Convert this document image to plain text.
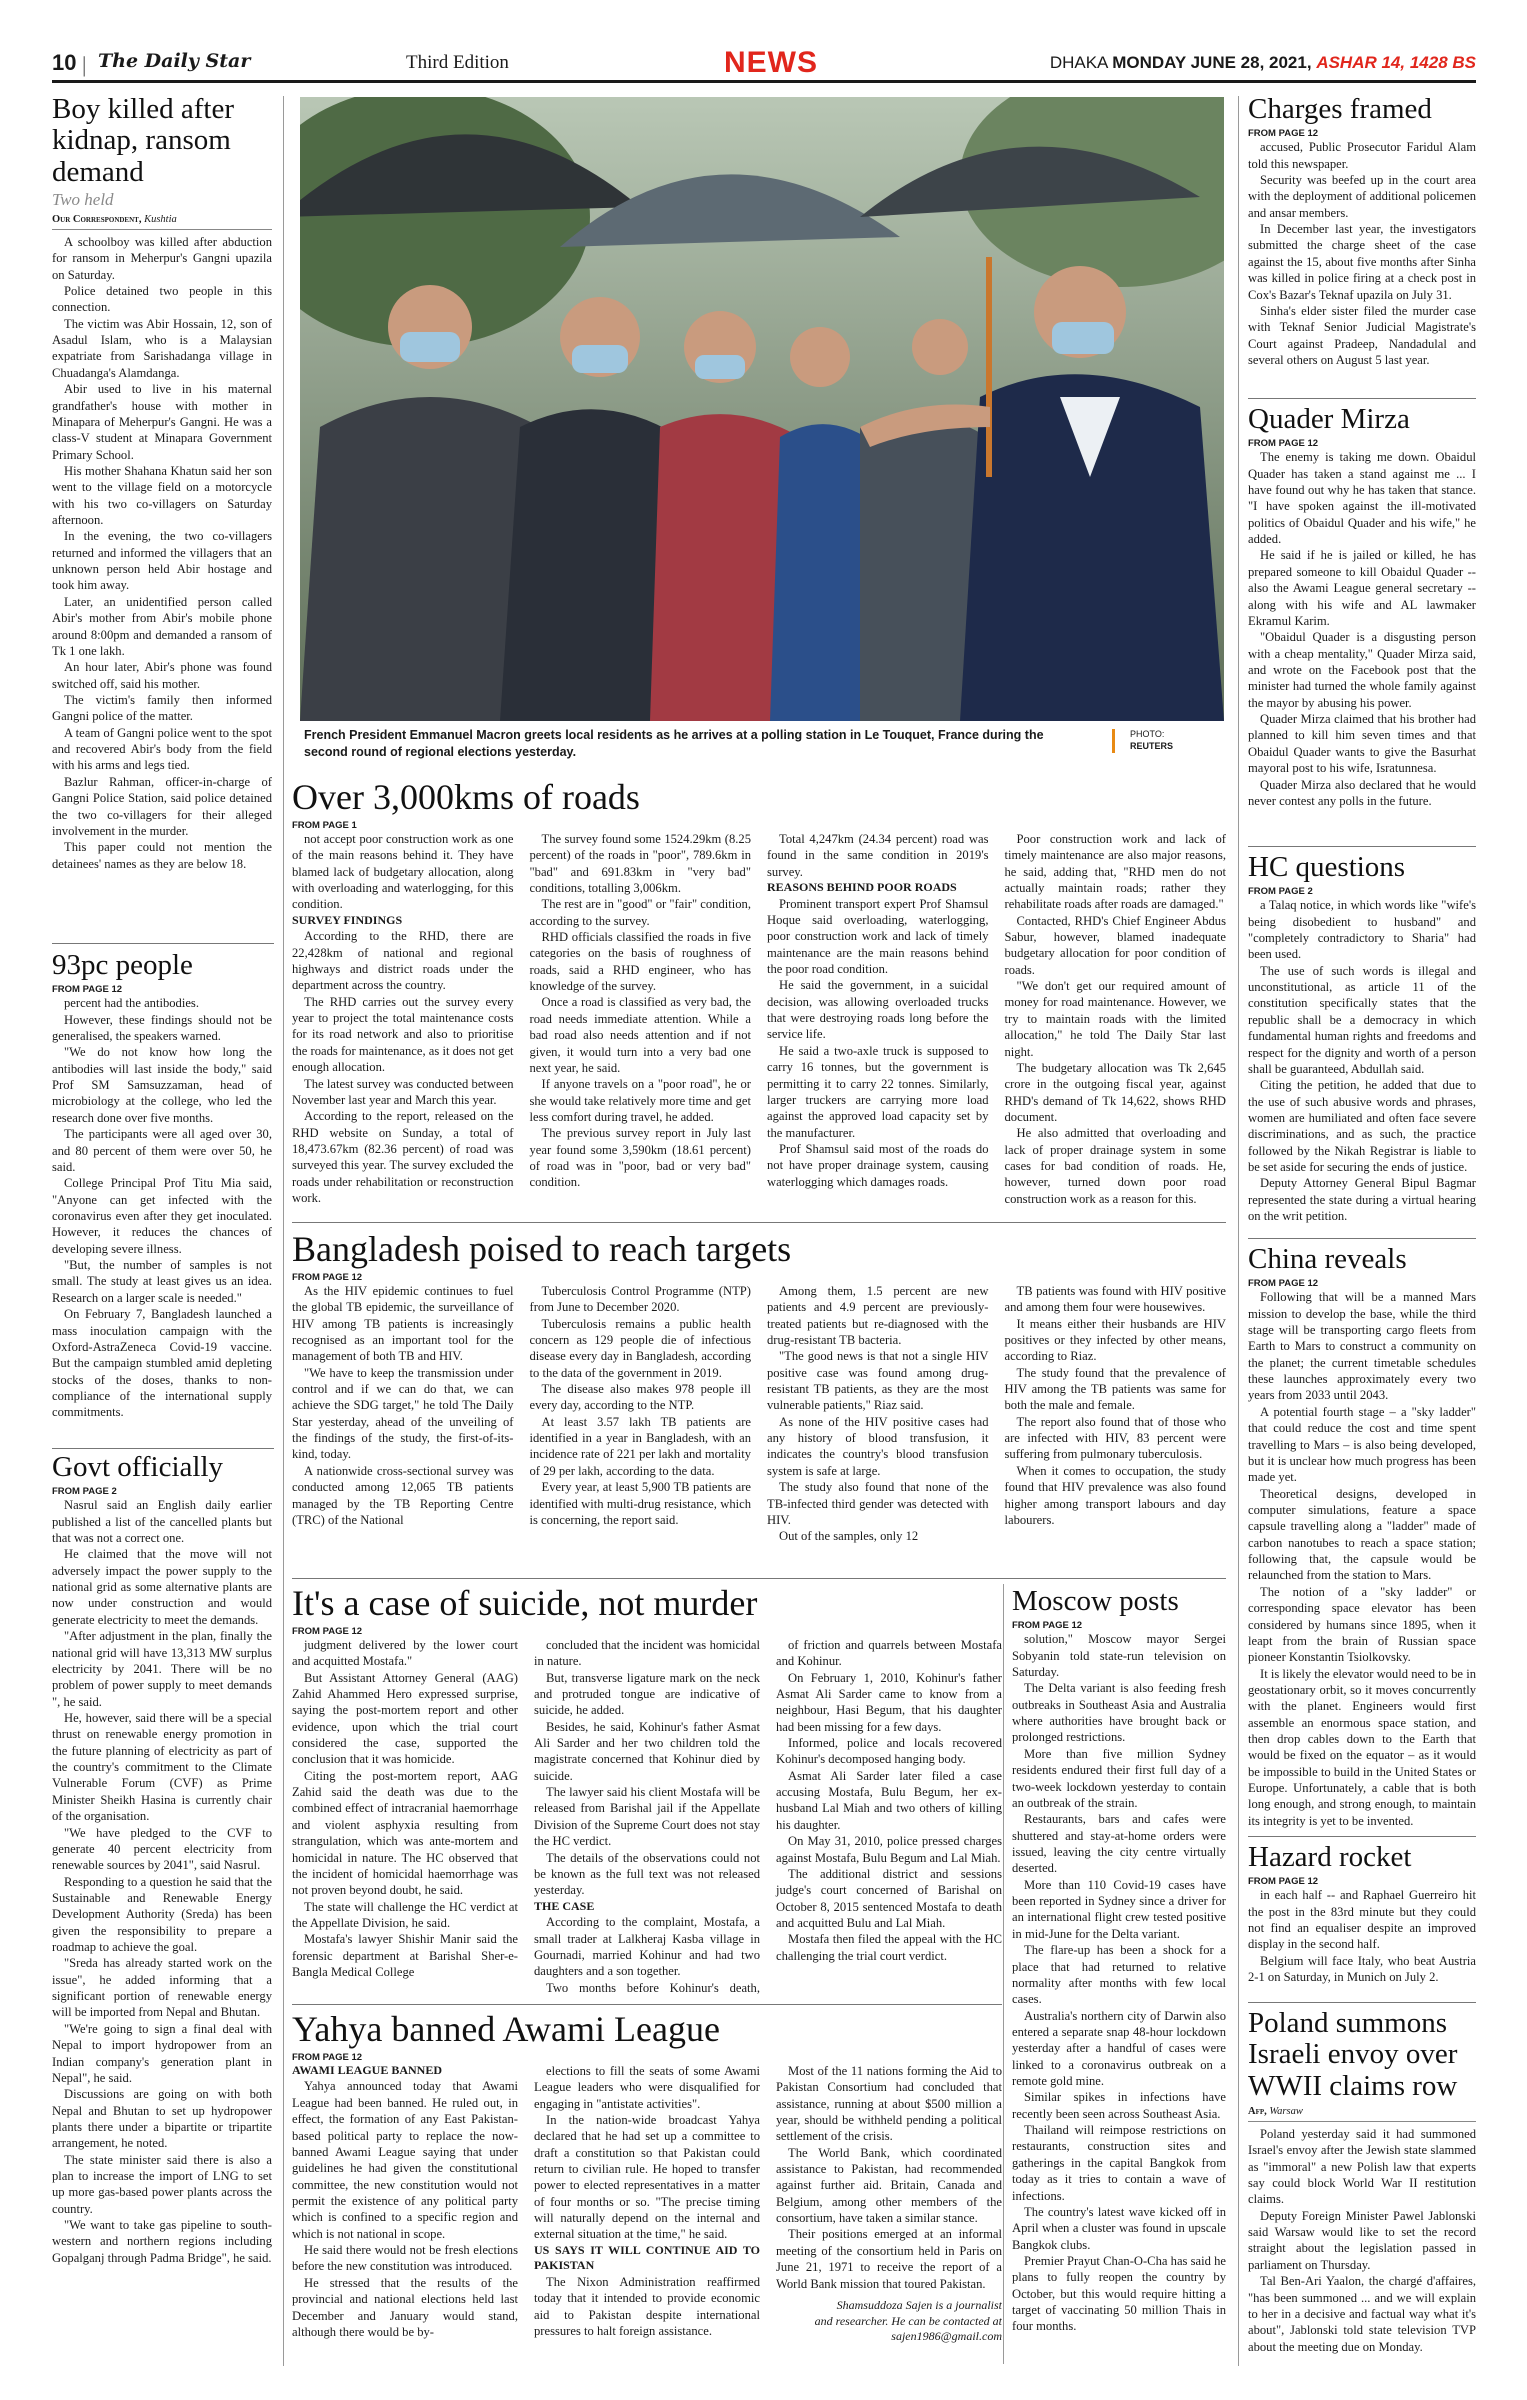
10 | The Daily Star	Third Edition	NEWS	DHAKA MONDAY JUNE 28, 2021, ASHAR 14, 1428 BS
Boy killed after kidnap, ransom demand
Two held
Our Correspondent, Kushtia

A schoolboy was killed after abduction for ransom in Meherpur's Gangni upazila on Saturday.

Police detained two people in this connection.

The victim was Abir Hossain, 12, son of Asadul Islam, who is a Malaysian expatriate from Sarishadanga village in Chuadanga's Alamdanga.

Abir used to live in his maternal grandfather's house with mother in Minapara of Meherpur's Gangni. He was a class-V student at Minapara Government Primary School.

His mother Shahana Khatun said her son went to the village field on a motorcycle with his two co-villagers on Saturday afternoon.

In the evening, the two co-villagers returned and informed the villagers that an unknown person held Abir hostage and took him away.

Later, an unidentified person called Abir's mother from Abir's mobile phone around 8:00pm and demanded a ransom of Tk 1 one lakh.

An hour later, Abir's phone was found switched off, said his mother.

The victim's family then informed Gangni police of the matter.

A team of Gangni police went to the spot and recovered Abir's body from the field with his arms and legs tied.

Bazlur Rahman, officer-in-charge of Gangni Police Station, said police detained the two co-villagers for their alleged involvement in the murder.

This paper could not mention the detainees' names as they are below 18.

93pc people
FROM PAGE 12

percent had the antibodies.

However, these findings should not be generalised, the speakers warned.

"We do not know how long the antibodies will last inside the body," said Prof SM Samsuzzaman, head of microbiology at the college, who led the research done over five months.

The participants were all aged over 30, and 80 percent of them were over 50, he said.

College Principal Prof Titu Mia said, "Anyone can get infected with the coronavirus even after they get inoculated. However, it reduces the chances of developing severe illness.

"But, the number of samples is not small. The study at least gives us an idea. Research on a larger scale is needed."

On February 7, Bangladesh launched a mass inoculation campaign with the Oxford-AstraZeneca Covid-19 vaccine. But the campaign stumbled amid depleting stocks of the doses, thanks to non-compliance of the international supply commitments.

Govt officially
FROM PAGE 2

Nasrul said an English daily earlier published a list of the cancelled plants but that was not a correct one.

He claimed that the move will not adversely impact the power supply to the national grid as some alternative plants are now under construction and would generate electricity to meet the demands.

"After adjustment in the plan, finally the national grid will have 13,313 MW surplus electricity by 2041. There will be no problem of power supply to meet demands ", he said.

He, however, said there will be a special thrust on renewable energy promotion in the future planning of electricity as part of the country's commitment to the Climate Vulnerable Forum (CVF) as Prime Minister Sheikh Hasina is currently chair of the organisation.

"We have pledged to the CVF to generate 40 percent electricity from renewable sources by 2041", said Nasrul.

Responding to a question he said that the Sustainable and Renewable Energy Development Authority (Sreda) has been given the responsibility to prepare a roadmap to achieve the goal.

"Sreda has already started work on the issue", he added informing that a significant portion of renewable energy will be imported from Nepal and Bhutan.

"We're going to sign a final deal with Nepal to import hydropower from an Indian company's generation plant in Nepal", he said.

Discussions are going on with both Nepal and Bhutan to set up hydropower plants there under a bipartite or tripartite arrangement, he noted.

The state minister said there is also a plan to increase the import of LNG to set up more gas-based power plants across the country.

"We want to take gas pipeline to south-western and northern regions including Gopalganj through Padma Bridge", he said.

French President Emmanuel Macron greets local residents as he arrives at a polling station in Le Touquet, France during the second round of regional elections yesterday.
PHOTO:
REUTERS
Over 3,000kms of roads
FROM PAGE 1

not accept poor construction work as one of the main reasons behind it. They have blamed lack of budgetary allocation, along with overloading and waterlogging, for this condition.

SURVEY FINDINGS

According to the RHD, there are 22,428km of national and regional highways and district roads under the department across the country.

The RHD carries out the survey every year to project the total maintenance costs for its road network and also to prioritise the roads for maintenance, as it does not get enough allocation.

The latest survey was conducted between November last year and March this year.

According to the report, released on the RHD website on Sunday, a total of 18,473.67km (82.36 percent) of road was surveyed this year. The survey excluded the roads under rehabilitation or reconstruction work.

The survey found some 1524.29km (8.25 percent) of the roads in "poor", 789.6km in "bad" and 691.83km in "very bad" conditions, totalling 3,006km.

The rest are in "good" or "fair" condition, according to the survey.

RHD officials classified the roads in five categories on the basis of roughness of roads, said a RHD engineer, who has knowledge of the survey.

Once a road is classified as very bad, the road needs immediate attention. While a bad road also needs attention and if not given, it would turn into a very bad one next year, he said.

If anyone travels on a "poor road", he or she would take relatively more time and get less comfort during travel, he added.

The previous survey report in July last year found some 3,590km (18.61 percent) of road was in "poor, bad or very bad" condition.

Total 4,247km (24.34 percent) road was found in the same condition in 2019's survey.

REASONS BEHIND POOR ROADS

Prominent transport expert Prof Shamsul Hoque said overloading, waterlogging, poor construction work and lack of timely maintenance are the main reasons behind the poor road condition.

He said the government, in a suicidal decision, was allowing overloaded trucks that were destroying roads long before the service life.

He said a two-axle truck is supposed to carry 16 tonnes, but the government is permitting it to carry 22 tonnes. Similarly, larger truckers are carrying more load against the approved load capacity set by the manufacturer.

Prof Shamsul said most of the roads do not have proper drainage system, causing waterlogging which damages roads.

Poor construction work and lack of timely maintenance are also major reasons, he said, adding that, "RHD men do not actually maintain roads; rather they rehabilitate roads after roads are damaged."

Contacted, RHD's Chief Engineer Abdus Sabur, however, blamed inadequate budgetary allocation for poor condition of roads.

"We don't get our required amount of money for road maintenance. However, we try to maintain roads with the limited allocation," he told The Daily Star last night.

The budgetary allocation was Tk 2,645 crore in the outgoing fiscal year, against RHD's demand of Tk 14,622, shows RHD document.

He also admitted that overloading and lack of proper drainage system in some cases for bad condition of roads. He, however, turned down poor road construction work as a reason for this.

Bangladesh poised to reach targets
FROM PAGE 12

As the HIV epidemic continues to fuel the global TB epidemic, the surveillance of HIV among TB patients is increasingly recognised as an important tool for the management of both TB and HIV.

"We have to keep the transmission under control and if we can do that, we can achieve the SDG target," he told The Daily Star yesterday, ahead of the unveiling of the findings of the study, the first-of-its-kind, today.

A nationwide cross-sectional survey was conducted among 12,065 TB patients managed by the TB Reporting Centre (TRC) of the National

Tuberculosis Control Programme (NTP) from June to December 2020.

Tuberculosis remains a public health concern as 129 people die of infectious disease every day in Bangladesh, according to the data of the government in 2019.

The disease also makes 978 people ill every day, according to the NTP.

At least 3.57 lakh TB patients are identified in a year in Bangladesh, with an incidence rate of 221 per lakh and mortality of 29 per lakh, according to the data.

Every year, at least 5,900 TB patients are identified with multi-drug resistance, which is concerning, the report said.

Among them, 1.5 percent are new patients and 4.9 percent are previously-treated patients but re-diagnosed with the drug-resistant TB bacteria.

"The good news is that not a single HIV positive case was found among drug-resistant TB patients, as they are the most vulnerable patients," Riaz said.

As none of the HIV positive cases had any history of blood transfusion, it indicates the country's blood transfusion system is safe at large.

The study also found that none of the TB-infected third gender was detected with HIV.

Out of the samples, only 12

TB patients was found with HIV positive and among them four were housewives.

It means either their husbands are HIV positives or they infected by other means, according to Riaz.

The study found that the prevalence of HIV among the TB patients was same for both the male and female.

The report also found that of those who are infected with HIV, 83 percent were suffering from pulmonary tuberculosis.

When it comes to occupation, the study found that HIV prevalence was also found higher among transport labours and day labourers.

It's a case of suicide, not murder
FROM PAGE 12

judgment delivered by the lower court and acquitted Mostafa."

But Assistant Attorney General (AAG) Zahid Ahammed Hero expressed surprise, saying the post-mortem report and other evidence, upon which the trial court considered the case, supported the conclusion that it was homicide.

Citing the post-mortem report, AAG Zahid said the death was due to the combined effect of intracranial haemorrhage and violent asphyxia resulting from strangulation, which was ante-mortem and homicidal in nature. The HC observed that the incident of homicidal haemorrhage was not proven beyond doubt, he said.

The state will challenge the HC verdict at the Appellate Division, he said.

Mostafa's lawyer Shishir Manir said the forensic department at Barishal Sher-e-Bangla Medical College

concluded that the incident was homicidal in nature.

But, transverse ligature mark on the neck and protruded tongue are indicative of suicide, he added.

Besides, he said, Kohinur's father Asmat Ali Sarder and her two children told the magistrate concerned that Kohinur died by suicide.

The lawyer said his client Mostafa will be released from Barishal jail if the Appellate Division of the Supreme Court does not stay the HC verdict.

The details of the observations could not be known as the full text was not released yesterday.

THE CASE

According to the complaint, Mostafa, a small trader at Lalkheraj Kasba village in Gournadi, married Kohinur and had two daughters and a son together.

Two months before Kohinur's death,

of friction and quarrels between Mostafa and Kohinur.

On February 1, 2010, Kohinur's father Asmat Ali Sarder came to know from a neighbour, Hasi Begum, that his daughter had been missing for a few days.

Informed, police and locals recovered Kohinur's decomposed hanging body.

Asmat Ali Sarder later filed a case accusing Mostafa, Bulu Begum, her ex-husband Lal Miah and two others of killing his daughter.

On May 31, 2010, police pressed charges against Mostafa, Bulu Begum and Lal Miah.

The additional district and sessions judge's court concerned of Barishal on October 8, 2015 sentenced Mostafa to death and acquitted Bulu and Lal Miah.

Mostafa then filed the appeal with the HC challenging the trial court verdict.

Yahya banned Awami League
FROM PAGE 12

AWAMI LEAGUE BANNED

Yahya announced today that Awami League had been banned. He ruled out, in effect, the formation of any East Pakistan-based political party to replace the now-banned Awami League saying that under guidelines he had given the constitutional committee, the new constitution would not permit the existence of any political party which is confined to a specific region and which is not national in scope.

He said there would not be fresh elections before the new constitution was introduced.

He stressed that the results of the provincial and national elections held last December and January would stand, although there would be by-

elections to fill the seats of some Awami League leaders who were disqualified for engaging in "antistate activities".

In the nation-wide broadcast Yahya declared that he had set up a committee to draft a constitution so that Pakistan could return to civilian rule. He hoped to transfer power to elected representatives in a matter of four months or so. "The precise timing will naturally depend on the internal and external situation at the time," he said.

US SAYS IT WILL CONTINUE AID TO PAKISTAN

The Nixon Administration reaffirmed today that it intended to provide economic aid to Pakistan despite international pressures to halt foreign assistance.

Most of the 11 nations forming the Aid to Pakistan Consortium had concluded that assistance, running at about $500 million a year, should be withheld pending a political settlement of the crisis.

The World Bank, which coordinated assistance to Pakistan, had recommended against further aid. Britain, Canada and Belgium, among other members of the consortium, have taken a similar stance.

Their positions emerged at an informal meeting of the consortium held in Paris on June 21, 1971 to receive the report of a World Bank mission that toured Pakistan.

Shamsuddoza Sajen is a journalist
and researcher. He can be contacted at
sajen1986@gmail.com
Moscow posts
FROM PAGE 12

solution," Moscow mayor Sergei Sobyanin told state-run television on Saturday.

The Delta variant is also feeding fresh outbreaks in Southeast Asia and Australia where authorities have brought back or prolonged restrictions.

More than five million Sydney residents endured their first full day of a two-week lockdown yesterday to contain an outbreak of the strain.

Restaurants, bars and cafes were shuttered and stay-at-home orders were issued, leaving the city centre virtually deserted.

More than 110 Covid-19 cases have been reported in Sydney since a driver for an international flight crew tested positive in mid-June for the Delta variant.

The flare-up has been a shock for a place that had returned to relative normality after months with few local cases.

Australia's northern city of Darwin also entered a separate snap 48-hour lockdown yesterday after a handful of cases were linked to a coronavirus outbreak on a remote gold mine.

Similar spikes in infections have recently been seen across Southeast Asia.

Thailand will reimpose restrictions on restaurants, construction sites and gatherings in the capital Bangkok from today as it tries to contain a wave of infections.

The country's latest wave kicked off in April when a cluster was found in upscale Bangkok clubs.

Premier Prayut Chan-O-Cha has said he plans to fully reopen the country by October, but this would require hitting a target of vaccinating 50 million Thais in four months.

Charges framed
FROM PAGE 12

accused, Public Prosecutor Faridul Alam told this newspaper.

Security was beefed up in the court area with the deployment of additional policemen and ansar members.

In December last year, the investigators submitted the charge sheet of the case against the 15, about five months after Sinha was killed in police firing at a check post in Cox's Bazar's Teknaf upazila on July 31.

Sinha's elder sister filed the murder case with Teknaf Senior Judicial Magistrate's Court against Pradeep, Nandadulal and several others on August 5 last year.

Quader Mirza
FROM PAGE 12

The enemy is taking me down. Obaidul Quader has taken a stand against me ... I have found out why he has taken that stance. "I have spoken against the ill-motivated politics of Obaidul Quader and his wife," he added.

He said if he is jailed or killed, he has prepared someone to kill Obaidul Quader -- also the Awami League general secretary -- along with his wife and AL lawmaker Ekramul Karim.

"Obaidul Quader is a disgusting person with a cheap mentality," Quader Mirza said, and wrote on the Facebook post that the minister had turned the whole family against the mayor by abusing his power.

Quader Mirza claimed that his brother had planned to kill him seven times and that Obaidul Quader wants to give the Basurhat mayoral post to his wife, Isratunnesa.

Quader Mirza also declared that he would never contest any polls in the future.

HC questions
FROM PAGE 2

a Talaq notice, in which words like "wife's being disobedient to husband" and "completely contradictory to Sharia" had been used.

The use of such words is illegal and unconstitutional, as article 11 of the constitution specifically states that the republic shall be a democracy in which fundamental human rights and freedoms and respect for the dignity and worth of a person shall be guaranteed, Abdullah said.

Citing the petition, he added that due to the use of such abusive words and phrases, women are humiliated and often face severe discriminations, and as such, the practice followed by the Nikah Registrar is liable to be set aside for securing the ends of justice.

Deputy Attorney General Bipul Bagmar represented the state during a virtual hearing on the writ petition.

China reveals
FROM PAGE 12

Following that will be a manned Mars mission to develop the base, while the third stage will be transporting cargo fleets from Earth to Mars to construct a community on the planet; the current timetable schedules these launches approximately every two years from 2033 until 2043.

A potential fourth stage – a "sky ladder" that could reduce the cost and time spent travelling to Mars – is also being developed, but it is unclear how much progress has been made yet.

Theoretical designs, developed in computer simulations, feature a space capsule travelling along a "ladder" made of carbon nanotubes to reach a space station; following that, the capsule would be relaunched from the station to Mars.

The notion of a "sky ladder" or corresponding space elevator has been considered by humans since 1895, when it leapt from the brain of Russian space pioneer Konstantin Tsiolkovsky.

It is likely the elevator would need to be in geostationary orbit, so it moves concurrently with the planet. Engineers would first assemble an enormous space station, and then drop cables down to the Earth that would be fixed on the equator – as it would be impossible to build in the United States or Europe. Unfortunately, a cable that is both long enough, and strong enough, to maintain its integrity is yet to be invented.

Hazard rocket
FROM PAGE 12

in each half -- and Raphael Guerreiro hit the post in the 83rd minute but they could not find an equaliser despite an improved display in the second half.

Belgium will face Italy, who beat Austria 2-1 on Saturday, in Munich on July 2.

Poland summons Israeli envoy over WWII claims row
Afp, Warsaw

Poland yesterday said it had summoned Israel's envoy after the Jewish state slammed as "immoral" a new Polish law that experts say could block World War II restitution claims.

Deputy Foreign Minister Pawel Jablonski said Warsaw would like to set the record straight about the legislation passed in parliament on Thursday.

Tal Ben-Ari Yaalon, the chargé d'affaires, "has been summoned ... and we will explain to her in a decisive and factual way what it's about", Jablonski told state television TVP about the meeting due on Monday.
